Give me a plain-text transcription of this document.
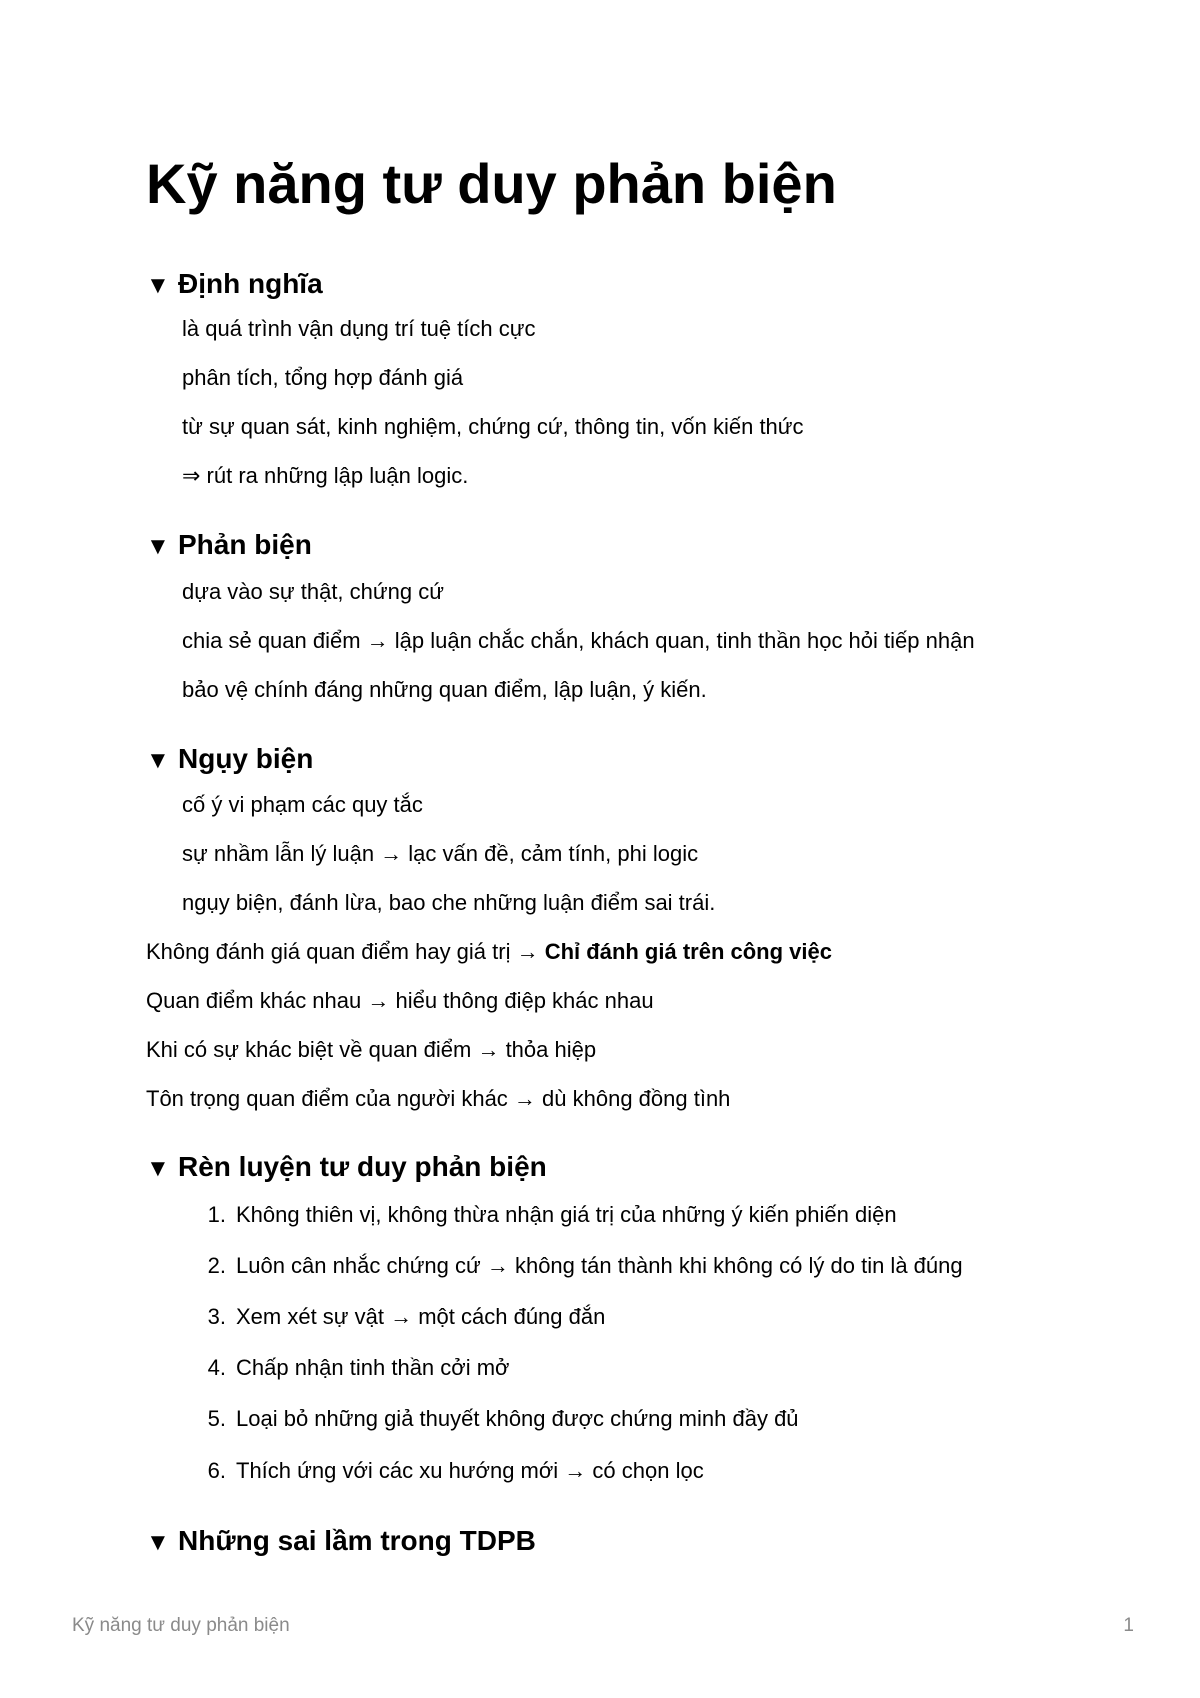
Kỹ năng tư duy phản biện
▼ Định nghĩa

là quá trình vận dụng trí tuệ tích cực

phân tích, tổng hợp đánh giá

từ sự quan sát, kinh nghiệm, chứng cứ, thông tin, vốn kiến thức

⇒ rút ra những lập luận logic.

▼ Phản biện

dựa vào sự thật, chứng cứ

chia sẻ quan điểm → lập luận chắc chắn, khách quan, tinh thần học hỏi tiếp nhận

bảo vệ chính đáng những quan điểm, lập luận, ý kiến.

▼ Ngụy biện

cố ý vi phạm các quy tắc

sự nhầm lẫn lý luận → lạc vấn đề, cảm tính, phi logic

ngụy biện, đánh lừa, bao che những luận điểm sai trái.

Không đánh giá quan điểm hay giá trị → Chỉ đánh giá trên công việc

Quan điểm khác nhau → hiểu thông điệp khác nhau

Khi có sự khác biệt về quan điểm → thỏa hiệp

Tôn trọng quan điểm của người khác → dù không đồng tình

▼ Rèn luyện tư duy phản biện

1. Không thiên vị, không thừa nhận giá trị của những ý kiến phiến diện

2. Luôn cân nhắc chứng cứ → không tán thành khi không có lý do tin là đúng

3. Xem xét sự vật → một cách đúng đắn

4. Chấp nhận tinh thần cởi mở

5. Loại bỏ những giả thuyết không được chứng minh đầy đủ

6. Thích ứng với các xu hướng mới → có chọn lọc

▼ Những sai lầm trong TDPB
Kỹ năng tư duy phản biện	1
